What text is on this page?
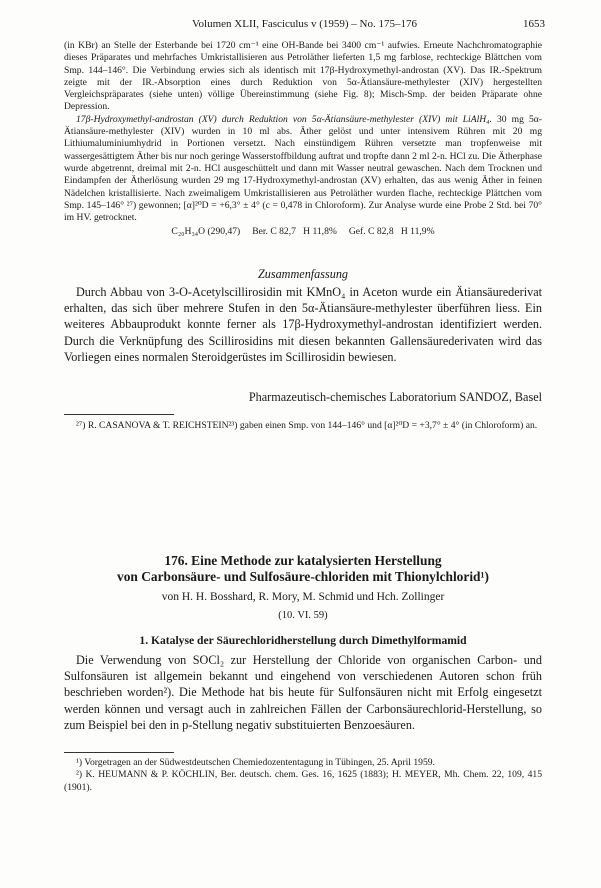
Volumen XLII, Fasciculus v (1959) – No. 175–176	1653

(in KBr) an Stelle der Esterbande bei 1720 cm⁻¹ eine OH-Bande bei 3400 cm⁻¹ aufwies. Erneute Nachchromatographie dieses Präparates und mehrfaches Umkristallisieren aus Petroläther lieferten 1,5 mg farblose, rechteckige Blättchen vom Smp. 144–146°. Die Verbindung erwies sich als identisch mit 17β-Hydroxymethyl-androstan (XV). Das IR.-Spektrum zeigte mit der IR.-Absorption eines durch Reduktion von 5α-Ätiansäure-methylester (XIV) hergestellten Vergleichspräparates (siehe unten) völlige Übereinstimmung (siehe Fig. 8); Misch-Smp. der beiden Präparate ohne Depression.

17β-Hydroxymethyl-androstan (XV) durch Reduktion von 5α-Ätiansäure-methylester (XIV) mit LiAlH₄. 30 mg 5α-Ätiansäure-methylester (XIV) wurden in 10 ml abs. Äther gelöst und unter intensivem Rühren mit 20 mg Lithiumaluminiumhydrid in Portionen versetzt. Nach einstündigem Rühren versetzte man tropfenweise mit wassergesättigtem Äther bis nur noch geringe Wasserstoffbildung auftrat und tropfte dann 2 ml 2-n. HCl zu. Die Ätherphase wurde abgetrennt, dreimal mit 2-n. HCl ausgeschüttelt und dann mit Wasser neutral gewaschen. Nach dem Trocknen und Eindampfen der Ätherlösung wurden 29 mg 17-Hydroxymethyl-androstan (XV) erhalten, das aus wenig Äther in feinen Nädelchen kristallisierte. Nach zweimaligem Umkristallisieren aus Petroläther wurden flache, rechteckige Plättchen vom Smp. 145–146° ²⁷) gewonnen; [α]²⁰D = +6,3° ± 4° (c = 0,478 in Chloroform). Zur Analyse wurde eine Probe 2 Std. bei 70° im HV. getrocknet.

C₂₀H₃₄O (290,47)     Ber. C 82,7   H 11,8%     Gef. C 82,8   H 11,9%

Zusammenfassung

Durch Abbau von 3-O-Acetylscillirosidin mit KMnO₄ in Aceton wurde ein Ätiansäurederivat erhalten, das sich über mehrere Stufen in den 5α-Ätiansäure-methylester überführen liess. Ein weiteres Abbauprodukt konnte ferner als 17β-Hydroxymethyl-androstan identifiziert werden. Durch die Verknüpfung des Scillirosidins mit diesen bekannten Gallensäurederivaten wird das Vorliegen eines normalen Steroidgerüstes im Scillirosidin bewiesen.

Pharmazeutisch-chemisches Laboratorium SANDOZ, Basel

²⁷) R. CASANOVA & T. REICHSTEIN²³) gaben einen Smp. von 144–146° und [α]²⁰D = +3,7° ± 4° (in Chloroform) an.

176. Eine Methode zur katalysierten Herstellung
von Carbonsäure- und Sulfosäure-chloriden mit Thionylchlorid¹)
von H. H. Bosshard, R. Mory, M. Schmid und Hch. Zollinger
(10. VI. 59)
1. Katalyse der Säurechloridherstellung durch Dimethylformamid

Die Verwendung von SOCl₂ zur Herstellung der Chloride von organischen Carbon- und Sulfonsäuren ist allgemein bekannt und eingehend von verschiedenen Autoren schon früh beschrieben worden²). Die Methode hat bis heute für Sulfonsäuren nicht mit Erfolg eingesetzt werden können und versagt auch in zahlreichen Fällen der Carbonsäurechlorid-Herstellung, so zum Beispiel bei den in p-Stellung negativ substituierten Benzoesäuren.

¹) Vorgetragen an der Südwestdeutschen Chemiedozententagung in Tübingen, 25. April 1959.

²) K. HEUMANN & P. KÖCHLIN, Ber. deutsch. chem. Ges. 16, 1625 (1883); H. MEYER, Mh. Chem. 22, 109, 415 (1901).
